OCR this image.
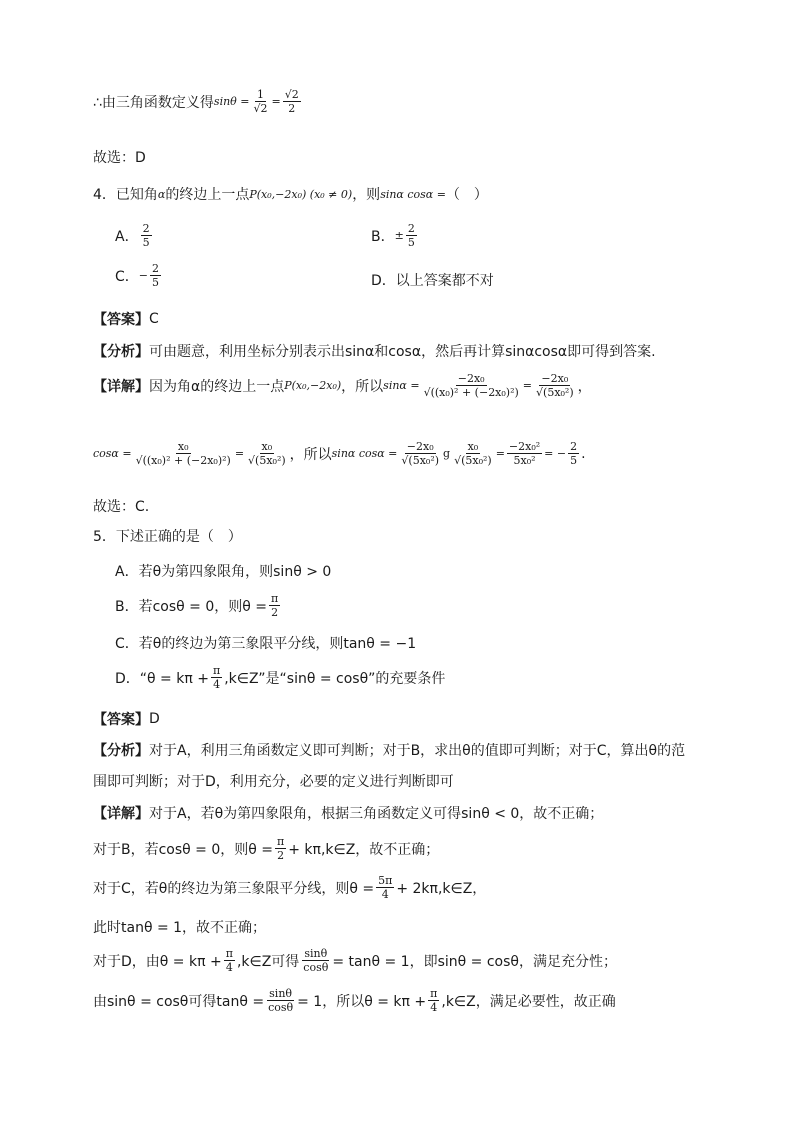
∴由三角函数定义得 $\sin\theta = \frac{1}{√2} = \frac{√2}{2}$
故选：D
4．已知角 α 的终边上一点 P(x₀,−2x₀) (x₀ ≠ 0) ，则 sinα cosα = （　）
A． $\frac{2}{5}$	B． ± $\frac{2}{5}$
C． − $\frac{2}{5}$	D．以上答案都不对
【答案】 C
【分析】 可由题意，利用坐标分别表示出sinα和cosα，然后再计算sinαcosα即可得到答案.
【详解】 因为角α的终边上一点 P(x₀,−2x₀) ，所以 $\sin\alpha = \frac{\text{−2x₀}}{\text{√((x₀)² + (−2x₀)²)}} = \frac{\text{−2x₀}}{\text{√(5x₀²)}}$ ，
$\cos\alpha = \frac{\text{x₀}}{\text{√((x₀)² + (−2x₀)²)}} = \frac{\text{x₀}}{\text{√(5x₀²)}}$ ，所以 sinα $\cos\alpha = \frac{\text{−2x₀}}{\text{√(5x₀²)}}$ g $\frac{\text{x₀}}{\text{√(5x₀²)}} = \frac{\text{−2x₀²}}{\text{5x₀²}}$ = − $\frac{2}{5}$ .
故选：C.
5．下述正确的是（　）
A．若θ为第四象限角，则sinθ > 0
B．若cosθ = 0，则$\theta = \frac{\pi}{2}$
C．若θ的终边为第三象限平分线，则tanθ = −1
D．“$\theta = k\pi + \frac{\pi}{4}$ ,k∈Z”是“sinθ = cosθ”的充要条件
【答案】 D
【分析】 对于A，利用三角函数定义即可判断；对于B，求出θ的值即可判断；对于C，算出θ的范
围即可判断；对于D，利用充分，必要的定义进行判断即可
【详解】 对于A，若θ为第四象限角，根据三角函数定义可得sinθ < 0，故不正确；
对于B，若cosθ = 0，则$\theta = \frac{\pi}{2}$ + kπ,k∈Z，故不正确；
对于C，若θ的终边为第三象限平分线，则$\theta = \frac{5\pi}{4}$ + 2kπ,k∈Z，
此时tanθ = 1，故不正确；
对于D，由$\theta = k\pi + \frac{\pi}{4}$ ,k∈Z可得 $\frac{\sin\theta}{\cos\theta} = \tan\theta = 1$，即sinθ = cosθ，满足充分性；
由sinθ = cosθ可得$\tan\theta = \frac{\sin\theta}{\cos\theta} = 1$，所以$\theta = k\pi + \frac{\pi}{4}$ ,k∈Z，满足必要性，故正确
